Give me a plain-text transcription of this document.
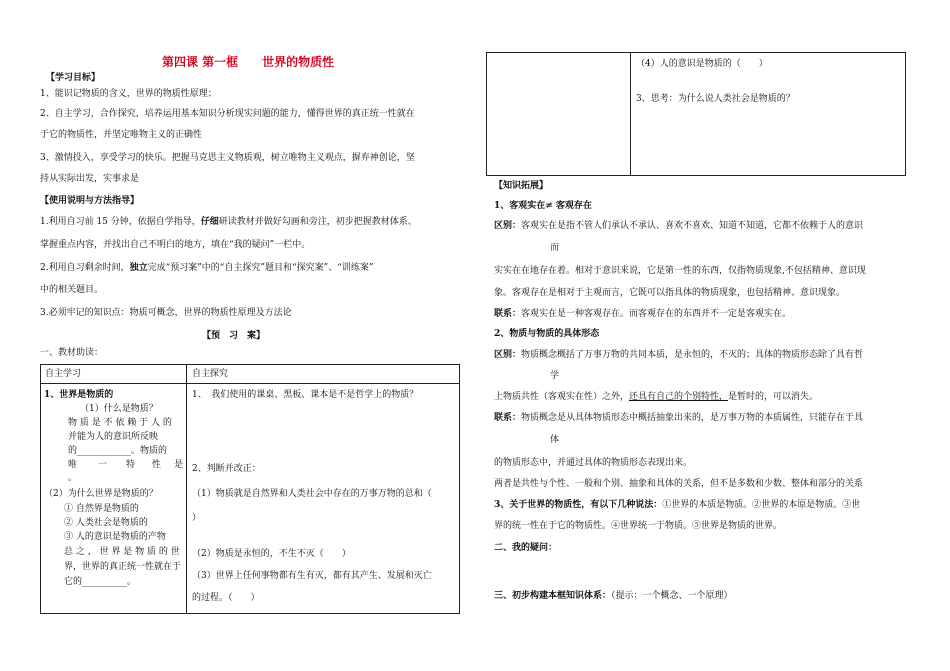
第四课 第一框　　世界的物质性
【学习目标】
1、能识记物质的含义，世界的物质性原理；
2、自主学习，合作探究，培养运用基本知识分析现实问题的能力，懂得世界的真正统一性就在
于它的物质性，并坚定唯物主义的正确性
3、激情投入，享受学习的快乐。把握马克思主义物质观，树立唯物主义观点，摒弃神创论，坚
持从实际出发，实事求是
【使用说明与方法指导】
1.利用自习前 15 分钟，依据自学指导，仔细研读教材并做好勾画和旁注，初步把握教材体系、
掌握重点内容，并找出自己不明白的地方，填在“我的疑问”一栏中。
2.利用自习剩余时间，独立完成“预习案”中的“自主探究”题目和“探究案”、“训练案”
中的相关题目。
3.必须牢记的知识点：物质可概念，世界的物质性原理及方法论
【预　习　案】
一、教材助读：
自主学习	自主探究
1、世界是物质的
（1）什么是物质？
物 质 是 不 依 赖 于 人 的
并能为人的意识所反映
的____________。物质的
唯 一 特 性 是
。
（2）为什么世界是物质的？
① 自然界是物质的
② 人类社会是物质的
③ 人的意识是物质的产物
总 之 ， 世 界 是 物 质 的 世
界，世界的真正统一性就在于
它的__________。
1、　我们使用的课桌、黑板、课本是不是哲学上的物质？
2、判断并改正：
（1）物质就是自然界和人类社会中存在的万事万物的总和（
）
（2）物质是永恒的，不生不灭（　　）
（3）世界上任何事物都有生有灭，都有其产生、发展和灭亡
的过程。（　　）
（4）人的意识是物质的（　　）
3、思考：为什么说人类社会是物质的？
【知识拓展】
1、客观实在≠ 客观存在
区别：客观实在是指不管人们承认不承认、喜欢不喜欢、知道不知道，它都不依赖于人的意识
而
实实在在地存在着。相对于意识来说，它是第一性的东西，仅指物质现象,不包括精神、意识现
象。客观存在是相对于主观而言，它既可以指具体的物质现象，也包括精神、意识现象。
联系：客观实在是一种客观存在。而客观存在的东西并不一定是客观实在。
2、物质与物质的具体形态
区别：物质概念概括了万事万物的共同本质，是永恒的，不灭的；具体的物质形态除了具有哲
学
上物质共性（客观实在性）之外，还具有自己的个别特性，是暂时的，可以消失。
联系：物质概念是从具体物质形态中概括抽象出来的，是万事万物的本质属性，只能存在于具
体
的物质形态中，并通过具体的物质形态表现出来。
两者是共性与个性、一般和个别、抽象和具体的关系，但不是多数和少数、整体和部分的关系
3、关于世界的物质性，有以下几种说法：①世界的本质是物质。②世界的本原是物质。③世
界的统一性在于它的物质性。④世界统一于物质。⑤世界是物质的世界。
二、我的疑问：
三、初步构建本框知识体系：（提示：一个概念、一个原理）
